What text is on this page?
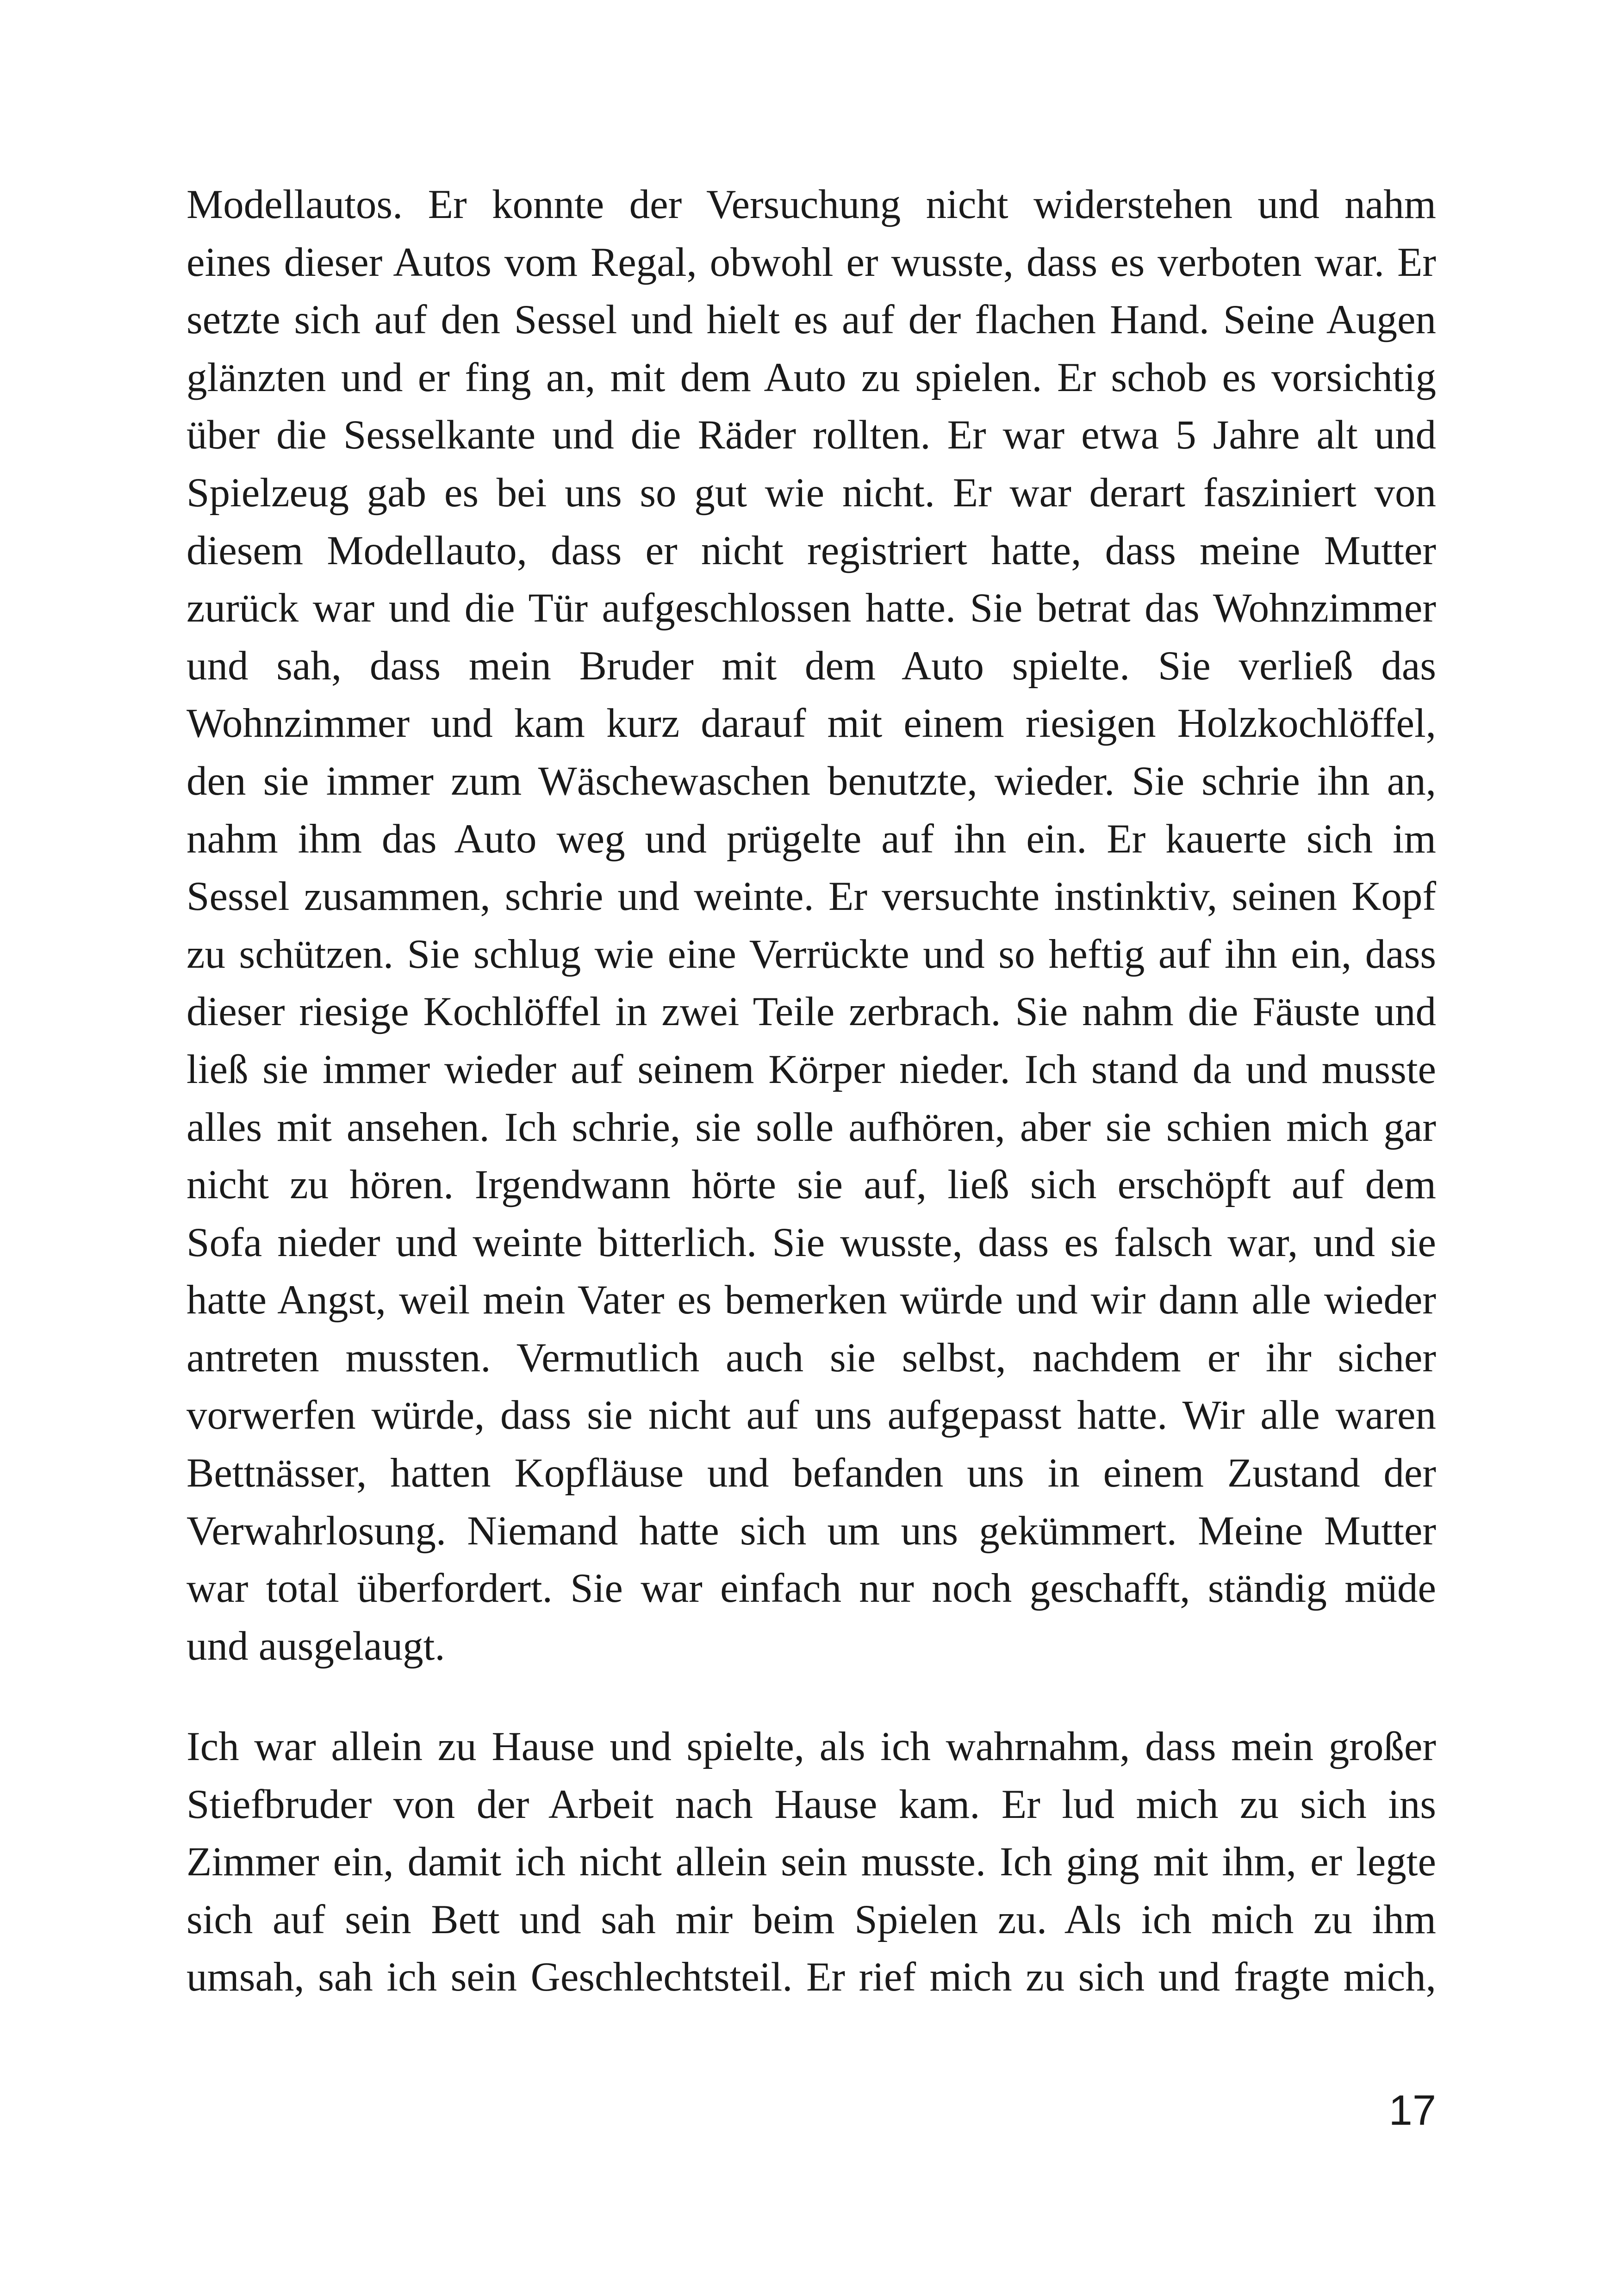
Modellautos. Er konnte der Versuchung nicht widerstehen und nahm
eines dieser Autos vom Regal, obwohl er wusste, dass es verboten war. Er
setzte sich auf den Sessel und hielt es auf der flachen Hand. Seine Augen
glänzten und er fing an, mit dem Auto zu spielen. Er schob es vorsichtig
über die Sesselkante und die Räder rollten. Er war etwa 5 Jahre alt und
Spielzeug gab es bei uns so gut wie nicht. Er war derart fasziniert von
diesem Modellauto, dass er nicht registriert hatte, dass meine Mutter
zurück war und die Tür aufgeschlossen hatte. Sie betrat das Wohnzimmer
und sah, dass mein Bruder mit dem Auto spielte. Sie verließ das
Wohnzimmer und kam kurz darauf mit einem riesigen Holzkochlöffel,
den sie immer zum Wäschewaschen benutzte, wieder. Sie schrie ihn an,
nahm ihm das Auto weg und prügelte auf ihn ein. Er kauerte sich im
Sessel zusammen, schrie und weinte. Er versuchte instinktiv, seinen Kopf
zu schützen. Sie schlug wie eine Verrückte und so heftig auf ihn ein, dass
dieser riesige Kochlöffel in zwei Teile zerbrach. Sie nahm die Fäuste und
ließ sie immer wieder auf seinem Körper nieder. Ich stand da und musste
alles mit ansehen. Ich schrie, sie solle aufhören, aber sie schien mich gar
nicht zu hören. Irgendwann hörte sie auf, ließ sich erschöpft auf dem
Sofa nieder und weinte bitterlich. Sie wusste, dass es falsch war, und sie
hatte Angst, weil mein Vater es bemerken würde und wir dann alle wieder
antreten mussten. Vermutlich auch sie selbst, nachdem er ihr sicher
vorwerfen würde, dass sie nicht auf uns aufgepasst hatte. Wir alle waren
Bettnässer, hatten Kopfläuse und befanden uns in einem Zustand der
Verwahrlosung. Niemand hatte sich um uns gekümmert. Meine Mutter
war total überfordert. Sie war einfach nur noch geschafft, ständig müde
und ausgelaugt.
Ich war allein zu Hause und spielte, als ich wahrnahm, dass mein großer
Stiefbruder von der Arbeit nach Hause kam. Er lud mich zu sich ins
Zimmer ein, damit ich nicht allein sein musste. Ich ging mit ihm, er legte
sich auf sein Bett und sah mir beim Spielen zu. Als ich mich zu ihm
umsah, sah ich sein Geschlechtsteil. Er rief mich zu sich und fragte mich,
17
